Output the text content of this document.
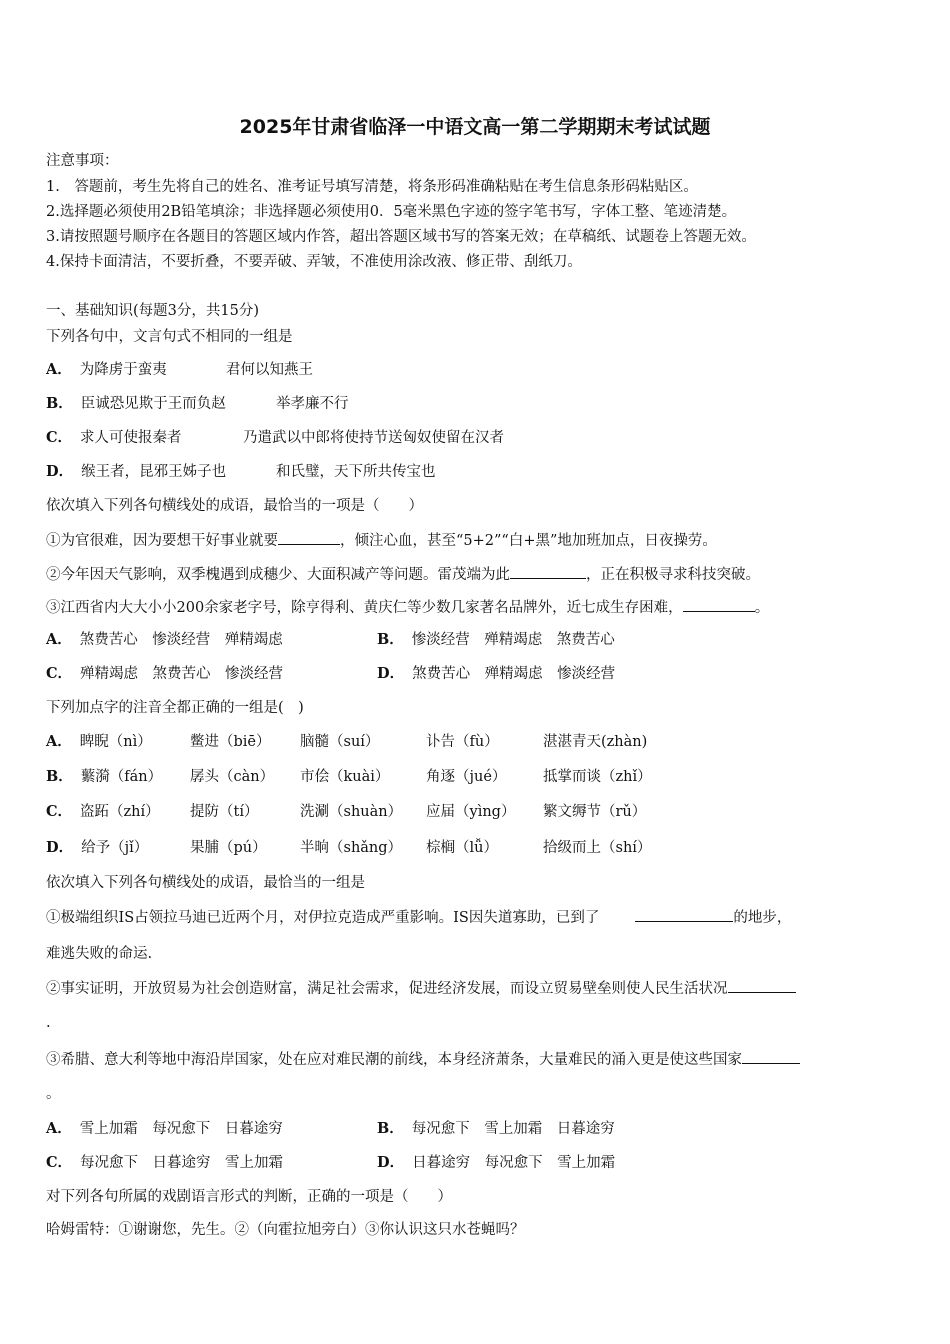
2025年甘肃省临泽一中语文高一第二学期期末考试试题
注意事项：
1.　答题前，考生先将自己的姓名、准考证号填写清楚，将条形码准确粘贴在考生信息条形码粘贴区。
2.选择题必须使用2B铅笔填涂；非选择题必须使用0．5毫米黑色字迹的签字笔书写，字体工整、笔迹清楚。
3.请按照题号顺序在各题目的答题区域内作答，超出答题区域书写的答案无效；在草稿纸、试题卷上答题无效。
4.保持卡面清洁，不要折叠，不要弄破、弄皱，不准使用涂改液、修正带、刮纸刀。
一、基础知识(每题3分，共15分)
下列各句中，文言句式不相同的一组是
A． 为降虏于蛮夷	君何以知燕王
B． 臣诚恐见欺于王而负赵	举孝廉不行
C． 求人可使报秦者	乃遣武以中郎将使持节送匈奴使留在汉者
D． 缑王者，昆邪王姊子也	和氏璧，天下所共传宝也
依次填入下列各句横线处的成语，最恰当的一项是（　　）
①为官很难，因为要想干好事业就要	，倾注心血，甚至“5+2”“白+黑”地加班加点，日夜操劳。
②今年因天气影响，双季槐遇到成穗少、大面积减产等问题。雷茂端为此	，正在积极寻求科技突破。
③江西省内大大小小200余家老字号，除亨得利、黄庆仁等少数几家著名品牌外，近七成生存困难，	。
A． 煞费苦心　惨淡经营　殚精竭虑	B． 惨淡经营　殚精竭虑　煞费苦心
C． 殚精竭虑　煞费苦心　惨淡经营	D． 煞费苦心　殚精竭虑　惨淡经营
下列加点字的注音全都正确的一组是(　)
A． 睥睨（nì）	鳖进（biē） 脑髓（suí）	讣告（fù）	湛湛青天(zhàn)
B． 蘩漪（fán） 孱头（càn） 市侩（kuài）	角逐（jué）	抵掌而谈（zhǐ）
C． 盗跖（zhí） 提防（tí）	洗涮（shuàn） 应届（yìng） 繁文缛节（rǔ）
D． 给予（jǐ）	果脯（pú） 半晌（shǎng） 棕榈（lǚ）	拾级而上（shí）
依次填入下列各句横线处的成语，最恰当的一组是
①极端组织IS占领拉马迪已近两个月，对伊拉克造成严重影响。IS因失道寡助，已到了	的地步，
难逃失败的命运.
②事实证明，开放贸易为社会创造财富，满足社会需求，促进经济发展，而设立贸易壁垒则使人民生活状况
.
③希腊、意大利等地中海沿岸国家，处在应对难民潮的前线，本身经济萧条，大量难民的涌入更是使这些国家
。
A． 雪上加霜　每况愈下　日暮途穷	B． 每况愈下　雪上加霜　日暮途穷
C． 每况愈下　日暮途穷　雪上加霜	D． 日暮途穷　每况愈下　雪上加霜
对下列各句所属的戏剧语言形式的判断，正确的一项是（　　）
哈姆雷特：①谢谢您，先生。②（向霍拉旭旁白）③你认识这只水苍蝇吗？
